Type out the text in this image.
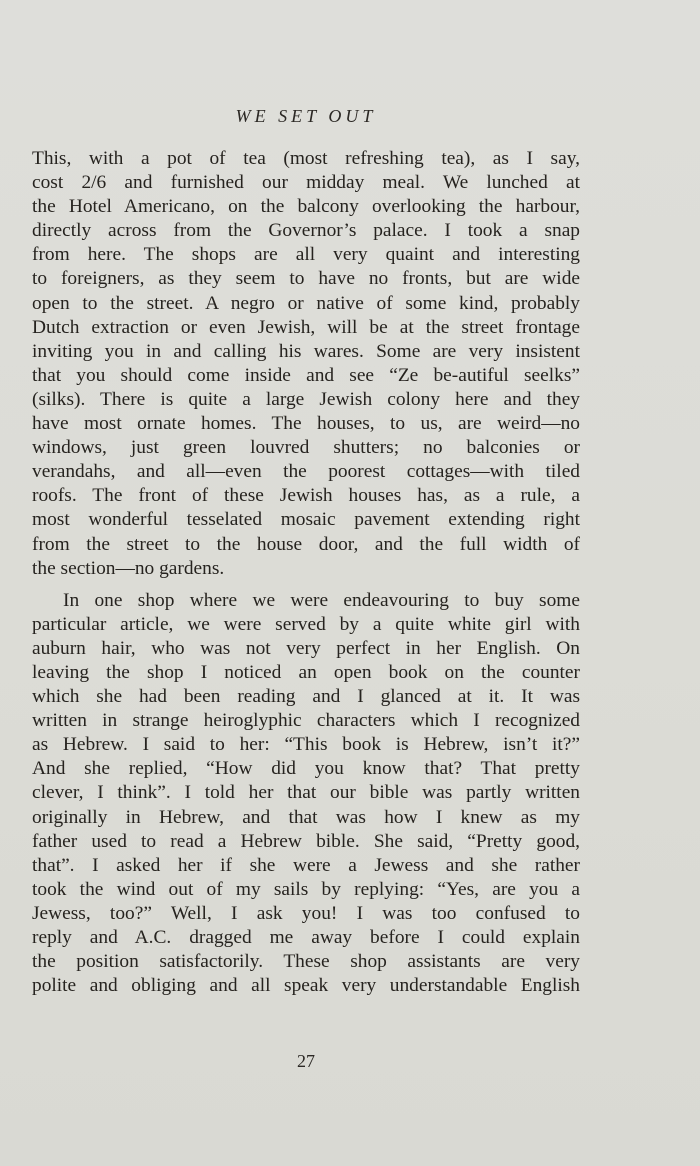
WE SET OUT

This, with a pot of tea (most refreshing tea), as I say,
cost 2/6 and furnished our midday meal. We lunched at
the Hotel Americano, on the balcony overlooking the harbour,
directly across from the Governor’s palace. I took a snap
from here. The shops are all very quaint and interesting
to foreigners, as they seem to have no fronts, but are wide
open to the street. A negro or native of some kind, probably
Dutch extraction or even Jewish, will be at the street frontage
inviting you in and calling his wares. Some are very insistent
that you should come inside and see “Ze be-autiful seelks”
(silks). There is quite a large Jewish colony here and they
have most ornate homes. The houses, to us, are weird—no
windows, just green louvred shutters; no balconies or
verandahs, and all—even the poorest cottages—with tiled
roofs. The front of these Jewish houses has, as a rule, a
most wonderful tesselated mosaic pavement extending right
from the street to the house door, and the full width of
the section—no gardens.

In one shop where we were endeavouring to buy some
particular article, we were served by a quite white girl with
auburn hair, who was not very perfect in her English. On
leaving the shop I noticed an open book on the counter
which she had been reading and I glanced at it. It was
written in strange heiroglyphic characters which I recognized
as Hebrew. I said to her: “This book is Hebrew, isn’t it?”
And she replied, “How did you know that? That pretty
clever, I think”. I told her that our bible was partly written
originally in Hebrew, and that was how I knew as my
father used to read a Hebrew bible. She said, “Pretty good,
that”. I asked her if she were a Jewess and she rather
took the wind out of my sails by replying: “Yes, are you a
Jewess, too?” Well, I ask you! I was too confused to
reply and A.C. dragged me away before I could explain
the position satisfactorily. These shop assistants are very
polite and obliging and all speak very understandable English

27
